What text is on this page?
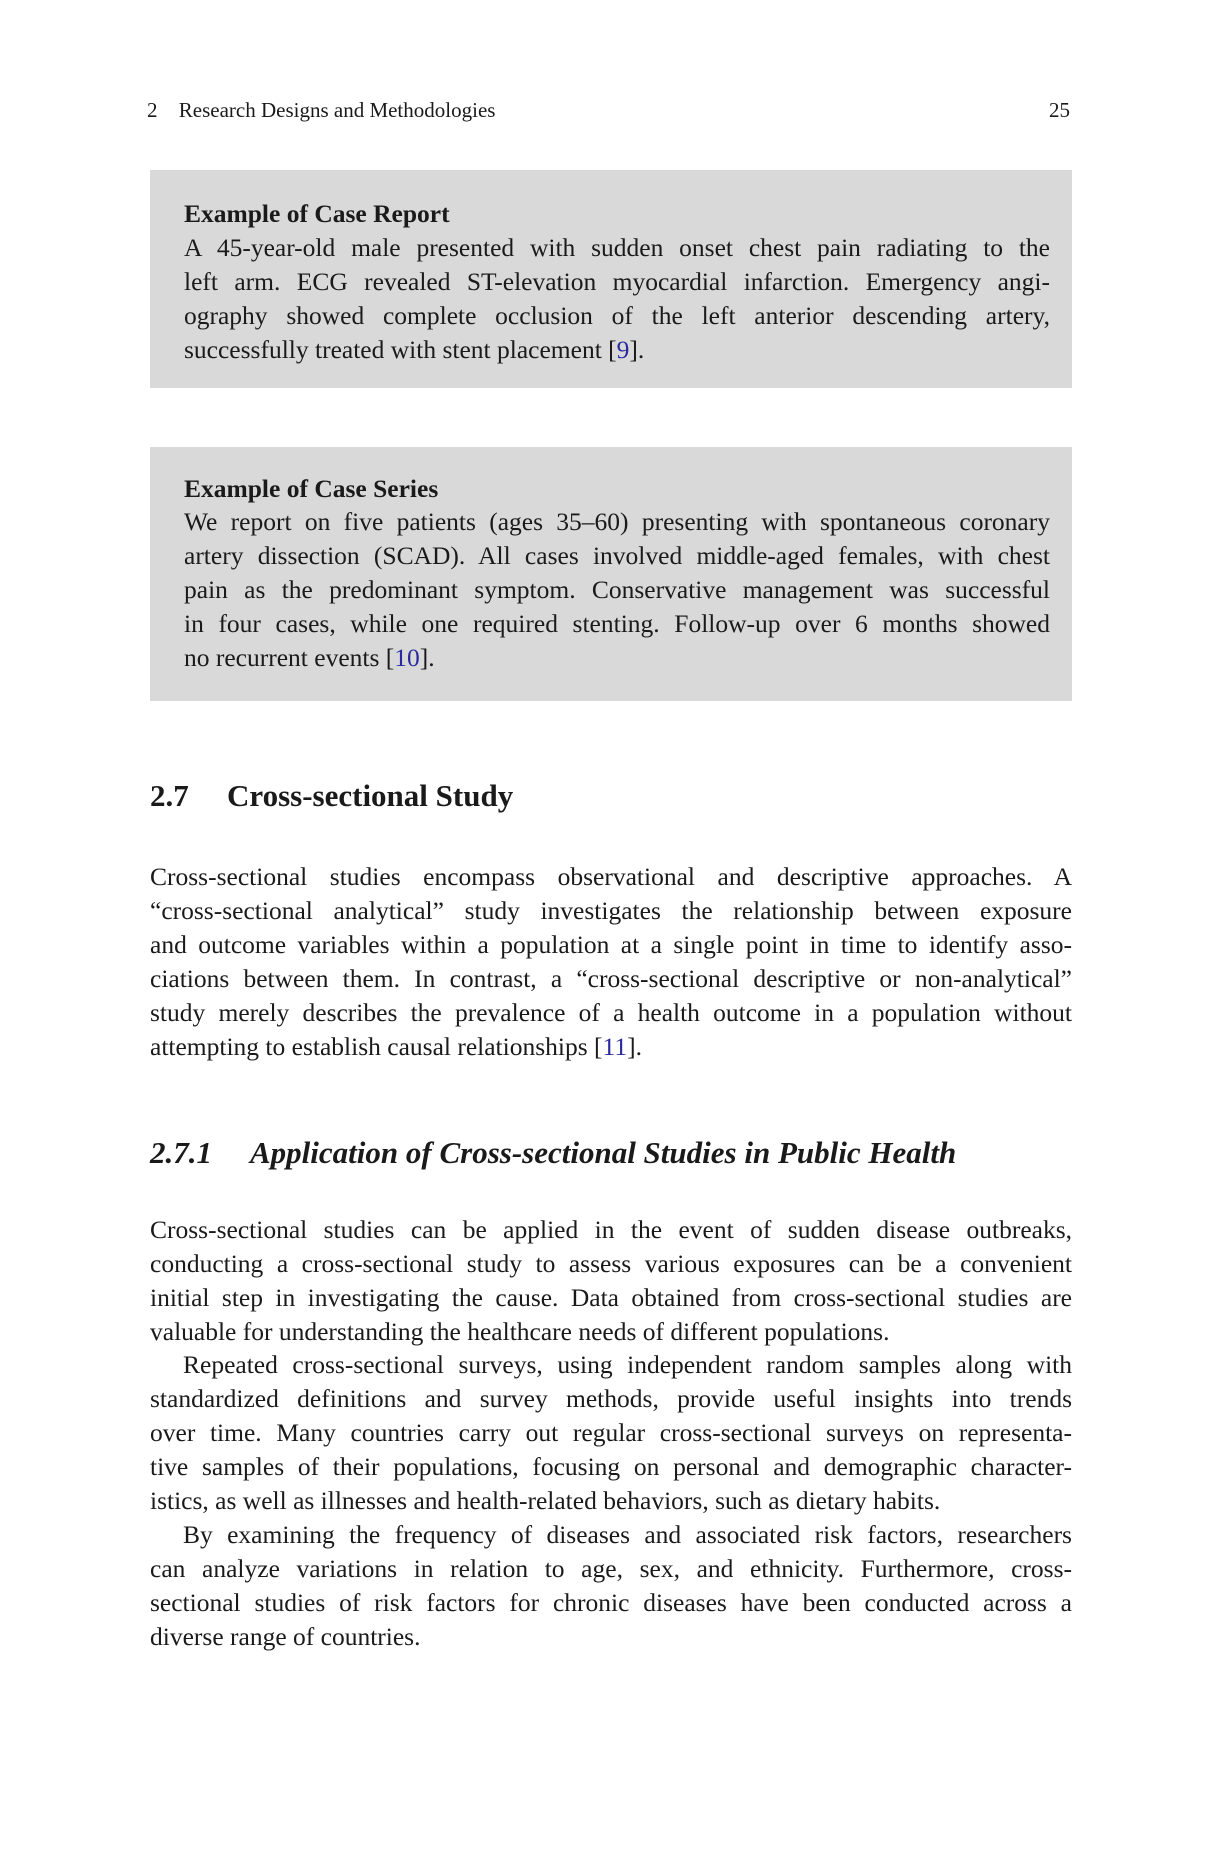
2 Research Designs and Methodologies	25
Example of Case Report
A 45-year-old male presented with sudden onset chest pain radiating to the
left arm. ECG revealed ST-elevation myocardial infarction. Emergency angi-
ography showed complete occlusion of the left anterior descending artery,
successfully treated with stent placement [9].
Example of Case Series
We report on five patients (ages 35–60) presenting with spontaneous coronary
artery dissection (SCAD). All cases involved middle-aged females, with chest
pain as the predominant symptom. Conservative management was successful
in four cases, while one required stenting. Follow-up over 6 months showed
no recurrent events [10].
2.7 Cross-sectional Study
Cross-sectional studies encompass observational and descriptive approaches. A
“cross-sectional analytical” study investigates the relationship between exposure
and outcome variables within a population at a single point in time to identify asso-
ciations between them. In contrast, a “cross-sectional descriptive or non-analytical”
study merely describes the prevalence of a health outcome in a population without
attempting to establish causal relationships [11].
2.7.1 Application of Cross-sectional Studies in Public Health
Cross-sectional studies can be applied in the event of sudden disease outbreaks,
conducting a cross-sectional study to assess various exposures can be a convenient
initial step in investigating the cause. Data obtained from cross-sectional studies are
valuable for understanding the healthcare needs of different populations.
Repeated cross-sectional surveys, using independent random samples along with
standardized definitions and survey methods, provide useful insights into trends
over time. Many countries carry out regular cross-sectional surveys on representa-
tive samples of their populations, focusing on personal and demographic character-
istics, as well as illnesses and health-related behaviors, such as dietary habits.
By examining the frequency of diseases and associated risk factors, researchers
can analyze variations in relation to age, sex, and ethnicity. Furthermore, cross-
sectional studies of risk factors for chronic diseases have been conducted across a
diverse range of countries.
